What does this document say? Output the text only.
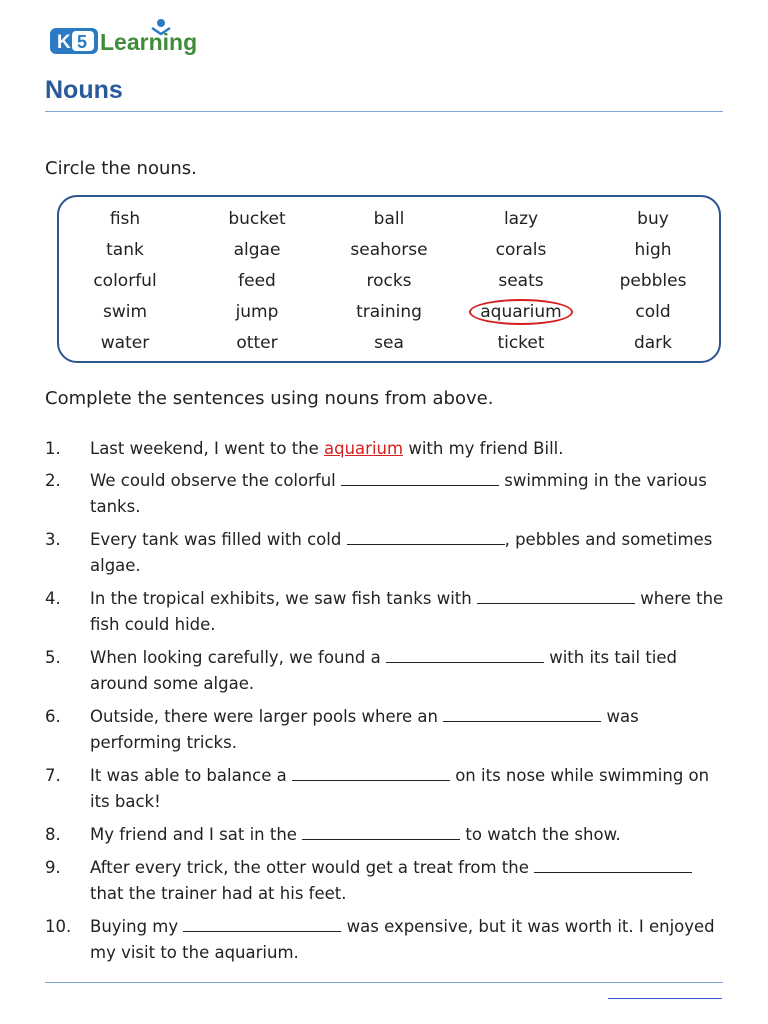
K 5 Learning
Nouns

Circle the nouns.

fish	bucket	ball	lazy	buy
tank	algae	seahorse	corals	high
colorful	feed	rocks	seats	pebbles
swim	jump	training	aquarium	cold
water	otter	sea	ticket	dark

Complete the sentences using nouns from above.

1.	Last weekend, I went to the aquarium with my friend Bill.
2.	We could observe the colorful	swimming in the various tanks.
3.	Every tank was filled with cold	, pebbles and sometimes algae.
4.	In the tropical exhibits, we saw fish tanks with	where the fish could hide.
5.	When looking carefully, we found a	with its tail tied around some algae.
6.	Outside, there were larger pools where an	was performing tricks.
7.	It was able to balance a	on its nose while swimming on its back!
8.	My friend and I sat in the	to watch the show.
9.	After every trick, the otter would get a treat from the  that the trainer had at his feet.
10.	Buying my	was expensive, but it was worth it. I enjoyed my visit to the aquarium.
